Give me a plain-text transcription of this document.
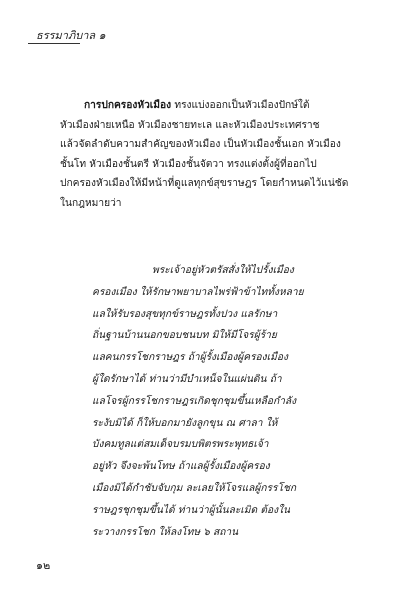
ธรรมาภิบาล ๑
การปกครองหัวเมือง ทรงแบ่งออกเป็นหัวเมืองปักษ์ใต้
หัวเมืองฝ่ายเหนือ หัวเมืองชายทะเล และหัวเมืองประเทศราช
แล้วจัดลำดับความสำคัญของหัวเมือง เป็นหัวเมืองชั้นเอก หัวเมือง
ชั้นโท หัวเมืองชั้นตรี หัวเมืองชั้นจัตวา ทรงแต่งตั้งผู้ที่ออกไป
ปกครองหัวเมืองให้มีหน้าที่ดูแลทุกข์สุขราษฎร โดยกำหนดไว้แน่ชัด
ในกฎหมายว่า
พระเจ้าอยู่หัวตรัสสั่งให้ไปรั้งเมือง
ครองเมือง ให้รักษาพยาบาลไพร่ฟ้าข้าไททั้งหลาย
แลให้รับรองสุขทุกข์ราษฎรทั้งปวง แลรักษา
ถิ่นฐานบ้านนอกขอบชนบท มิให้มีโจรผู้ร้าย
แลคนกรรโชกราษฎร ถ้าผู้รั้งเมืองผู้ครองเมือง
ผู้ใดรักษาได้ ท่านว่ามีบำเหน็จในแผ่นดิน ถ้า
แลโจรผู้กรรโชกราษฎรเกิดชุกชุมขึ้นเหลือกำลัง
ระงับมิได้ ก็ให้บอกมายังลูกขุน ณ ศาลา ให้
บังคมทูลแต่สมเด็จบรมบพิตรพระพุทธเจ้า
อยู่หัว จึงจะพ้นโทษ ถ้าแลผู้รั้งเมืองผู้ครอง
เมืองมิได้กำชับจับกุม ละเลยให้โจรแลผู้กรรโชก
ราษฎรชุกชุมขึ้นได้ ท่านว่าผู้นั้นละเมิด ต้องใน
ระวางกรรโชก ให้ลงโทษ ๖ สถาน
๑๒
